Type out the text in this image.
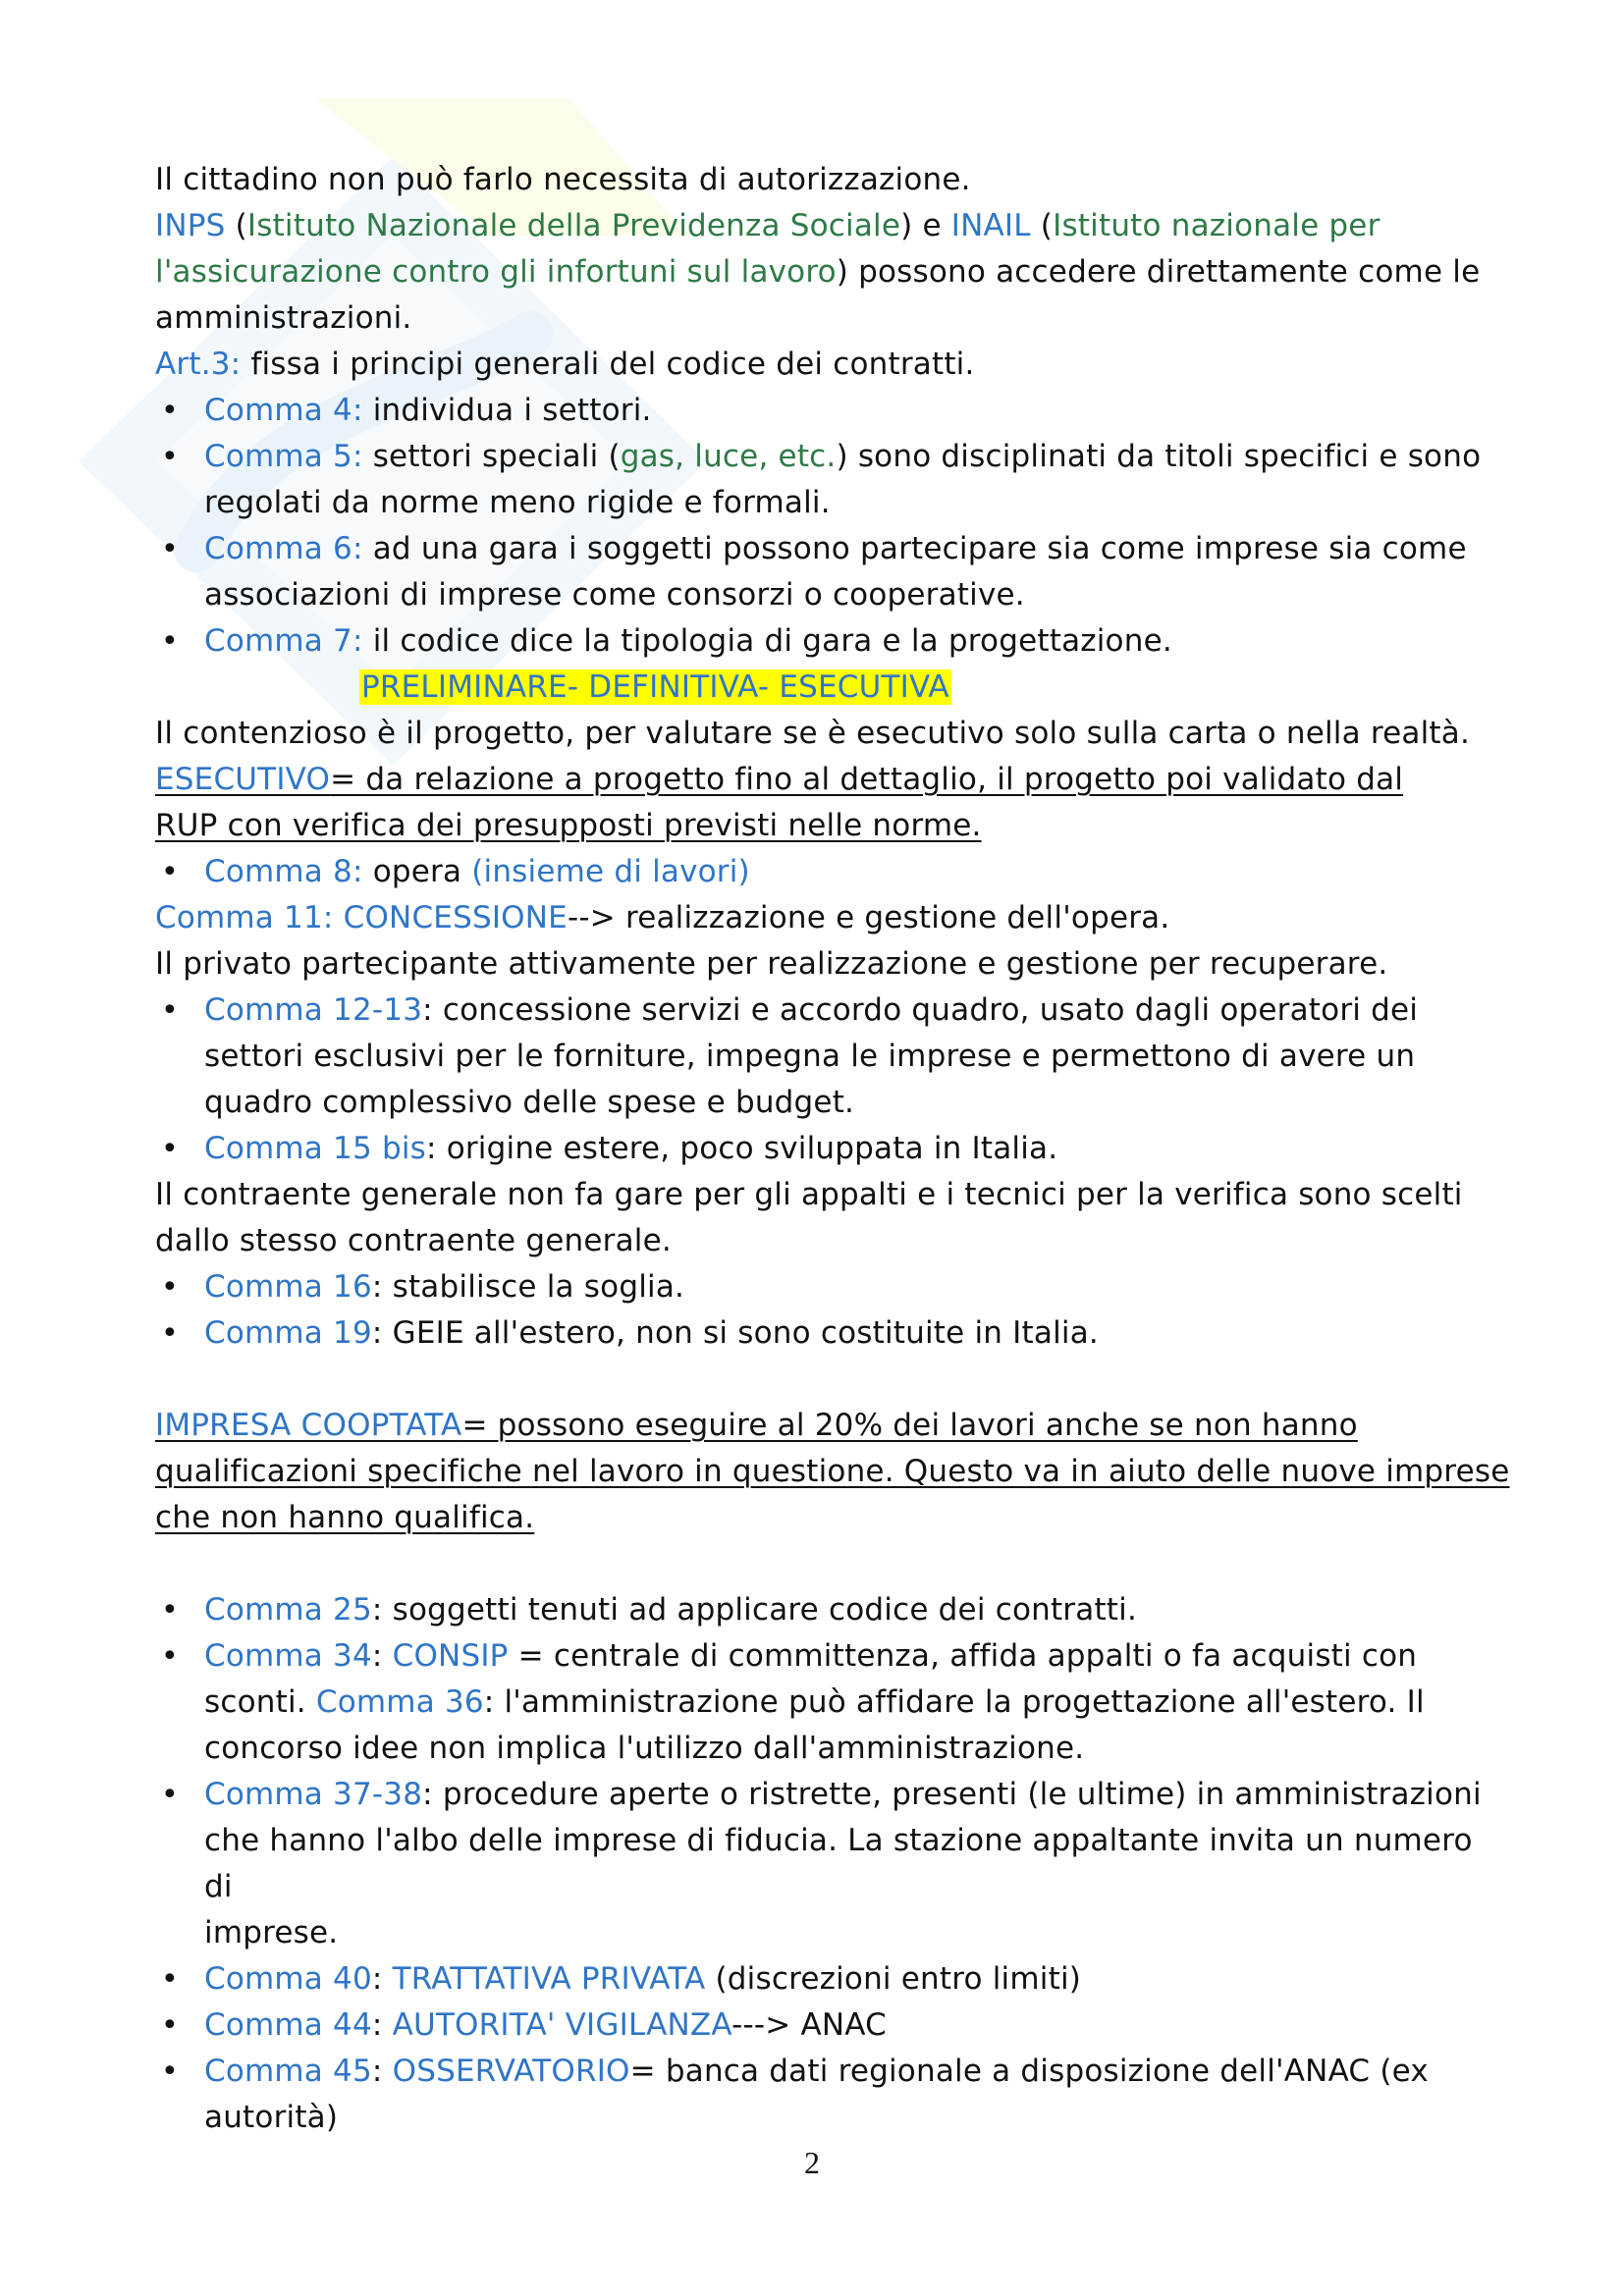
Il cittadino non può farlo necessita di autorizzazione.
INPS (Istituto Nazionale della Previdenza Sociale) e INAIL (Istituto nazionale per
l'assicurazione contro gli infortuni sul lavoro) possono accedere direttamente come le
amministrazioni.
Art.3: fissa i principi generali del codice dei contratti.
• Comma 4: individua i settori.
• Comma 5: settori speciali (gas, luce, etc.) sono disciplinati da titoli specifici e sono
regolati da norme meno rigide e formali.
• Comma 6: ad una gara i soggetti possono partecipare sia come imprese sia come
associazioni di imprese come consorzi o cooperative.
• Comma 7: il codice dice la tipologia di gara e la progettazione.
PRELIMINARE- DEFINITIVA- ESECUTIVA
Il contenzioso è il progetto, per valutare se è esecutivo solo sulla carta o nella realtà.
ESECUTIVO= da relazione a progetto fino al dettaglio, il progetto poi validato dal
RUP con verifica dei presupposti previsti nelle norme.
• Comma 8: opera (insieme di lavori)
Comma 11: CONCESSIONE--> realizzazione e gestione dell'opera.
Il privato partecipante attivamente per realizzazione e gestione per recuperare.
• Comma 12-13: concessione servizi e accordo quadro, usato dagli operatori dei
settori esclusivi per le forniture, impegna le imprese e permettono di avere un
quadro complessivo delle spese e budget.
• Comma 15 bis: origine estere, poco sviluppata in Italia.
Il contraente generale non fa gare per gli appalti e i tecnici per la verifica sono scelti
dallo stesso contraente generale.
• Comma 16: stabilisce la soglia.
• Comma 19: GEIE all'estero, non si sono costituite in Italia.
IMPRESA COOPTATA= possono eseguire al 20% dei lavori anche se non hanno
qualificazioni specifiche nel lavoro in questione. Questo va in aiuto delle nuove imprese
che non hanno qualifica.
• Comma 25: soggetti tenuti ad applicare codice dei contratti.
• Comma 34: CONSIP = centrale di committenza, affida appalti o fa acquisti con
sconti. Comma 36: l'amministrazione può affidare la progettazione all'estero. Il
concorso idee non implica l'utilizzo dall'amministrazione.
• Comma 37-38: procedure aperte o ristrette, presenti (le ultime) in amministrazioni
che hanno l'albo delle imprese di fiducia. La stazione appaltante invita un numero di
imprese.
• Comma 40: TRATTATIVA PRIVATA (discrezioni entro limiti)
• Comma 44: AUTORITA' VIGILANZA---> ANAC
• Comma 45: OSSERVATORIO= banca dati regionale a disposizione dell'ANAC (ex
autorità)
2
